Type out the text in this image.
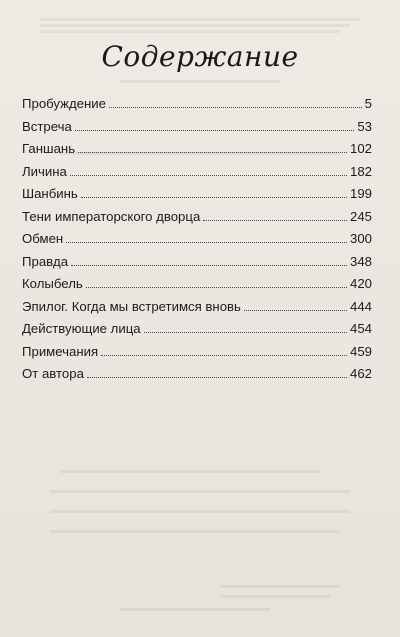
Содержание
Пробуждение	5
Встреча	53
Ганшань	102
Личина	182
Шанбинь	199
Тени императорского дворца	245
Обмен	300
Правда	348
Колыбель	420
Эпилог. Когда мы встретимся вновь	444
Действующие лица	454
Примечания	459
От автора	462
